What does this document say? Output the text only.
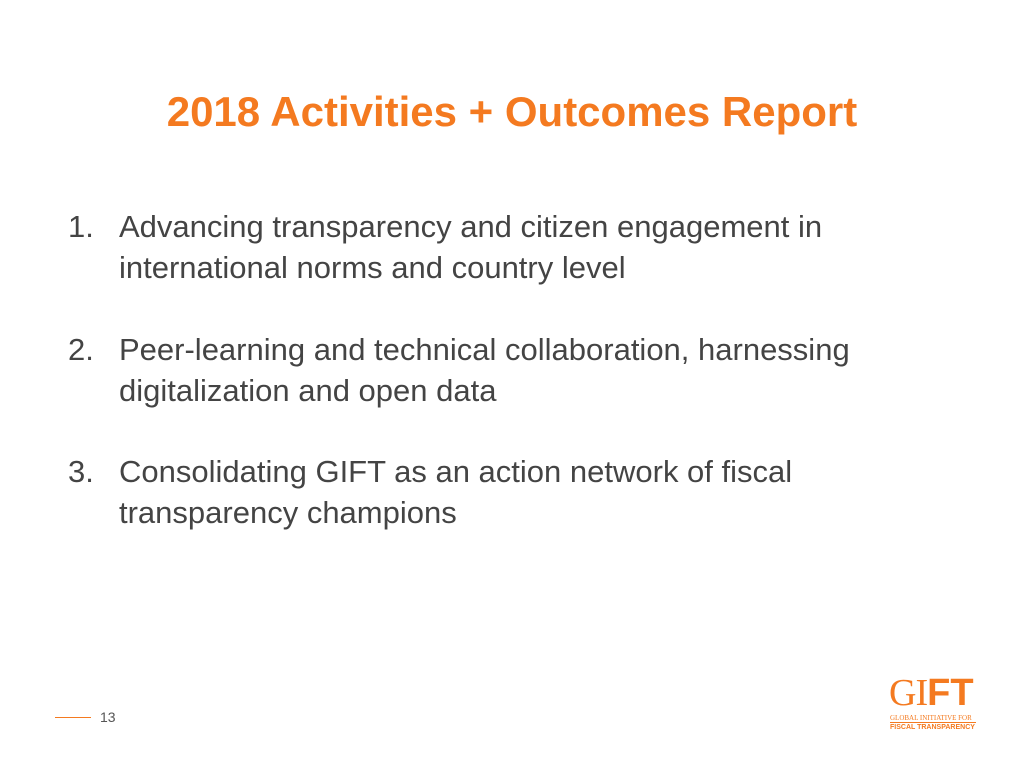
2018 Activities + Outcomes Report
1. Advancing transparency and citizen engagement in
international norms and country level
2. Peer-learning and technical collaboration, harnessing
digitalization and open data
3. Consolidating GIFT as an action network of fiscal
transparency champions
13
GIFT
GLOBAL INITIATIVE FOR
FISCAL TRANSPARENCY
